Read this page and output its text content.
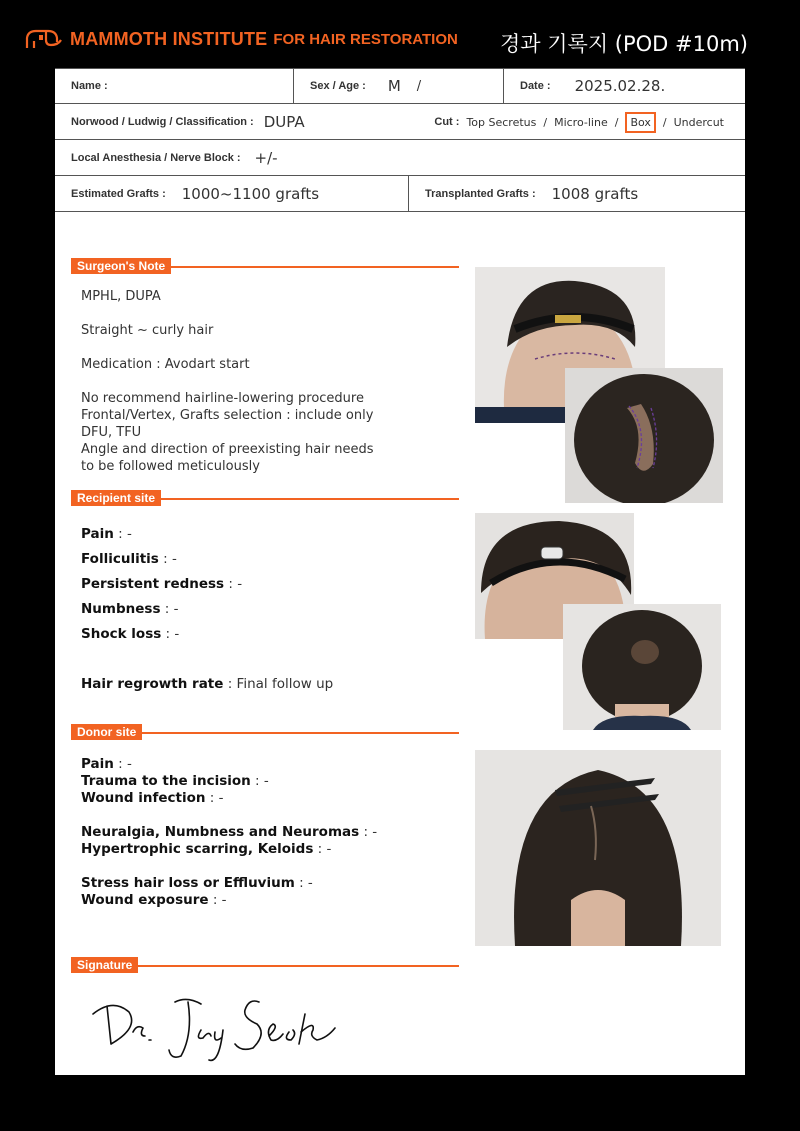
MAMMOTH INSTITUTE FOR HAIR RESTORATION 경과 기록지 (POD #10m)
Name :	Sex / Age : M /	Date : 2025.02.28.
Norwood / Ludwig / Classification : DUPA	Cut : Top Secretus / Micro-line /	Box	/ Undercut
Local Anesthesia / Nerve Block : +/-
Estimated Grafts : 1000~1100 grafts	Transplanted Grafts : 1008 grafts
Surgeon's Note
MPHL, DUPA
Straight ~ curly hair
Medication : Avodart start
No recommend hairline-lowering procedure
Frontal/Vertex, Grafts selection : include only
DFU, TFU
Angle and direction of preexisting hair needs
to be followed meticulously
Recipient site
Pain : -
Folliculitis : -
Persistent redness : -
Numbness : -
Shock loss : -
Hair regrowth rate : Final follow up
Donor site
Pain : -
Trauma to the incision : -
Wound infection : -
Neuralgia, Numbness and Neuromas : -
Hypertrophic scarring, Keloids : -
Stress hair loss or Effluvium : -
Wound exposure : -
Signature
